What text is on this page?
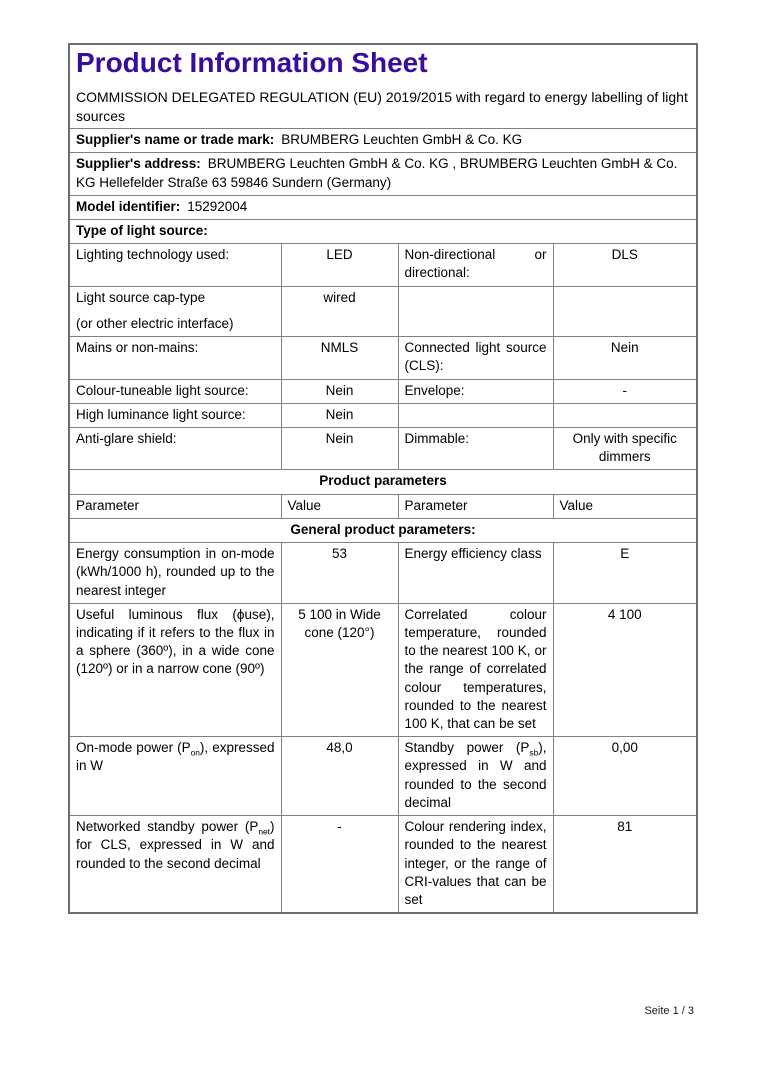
Product Information Sheet

COMMISSION DELEGATED REGULATION (EU) 2019/2015 with regard to energy labelling of light sources

Supplier's name or trade mark: BRUMBERG Leuchten GmbH & Co. KG			
Supplier's address: BRUMBERG Leuchten GmbH & Co. KG , BRUMBERG Leuchten GmbH & Co. KG Hellefelder Straße 63 59846 Sundern (Germany)			
Model identifier: 15292004			
Type of light source:			
Lighting technology used:	LED	Non-directional or directional:	DLS

Light source cap-type

(or other electric interface)	wired		
Mains or non-mains:	NMLS	Connected light source (CLS):	Nein
Colour-tuneable light source:	Nein	Envelope:	-
High luminance light source:	Nein		
Anti-glare shield:	Nein	Dimmable:	Only with specific dimmers
Product parameters			
Parameter	Value	Parameter	Value
General product parameters:			
Energy consumption in on-mode (kWh/1000 h), rounded up to the nearest integer	53	Energy efficiency class	E
Useful luminous flux (ϕuse), indicating if it refers to the flux in a sphere (360º), in a wide cone (120º) or in a narrow cone (90º)	5 100 in Wide cone (120°)	Correlated colour temperature, rounded to the nearest 100 K, or the range of correlated colour temperatures, rounded to the nearest 100 K, that can be set	4 100
On-mode power $(P_{on})$, expressed in W	48,0	Standby power $(P_{sb})$, expressed in W and rounded to the second decimal	0,00
Networked standby power $(P_{net})$ for CLS, expressed in W and rounded to the second decimal	-	Colour rendering index, rounded to the nearest integer, or the range of CRI-values that can be set	81
Seite 1 / 3
